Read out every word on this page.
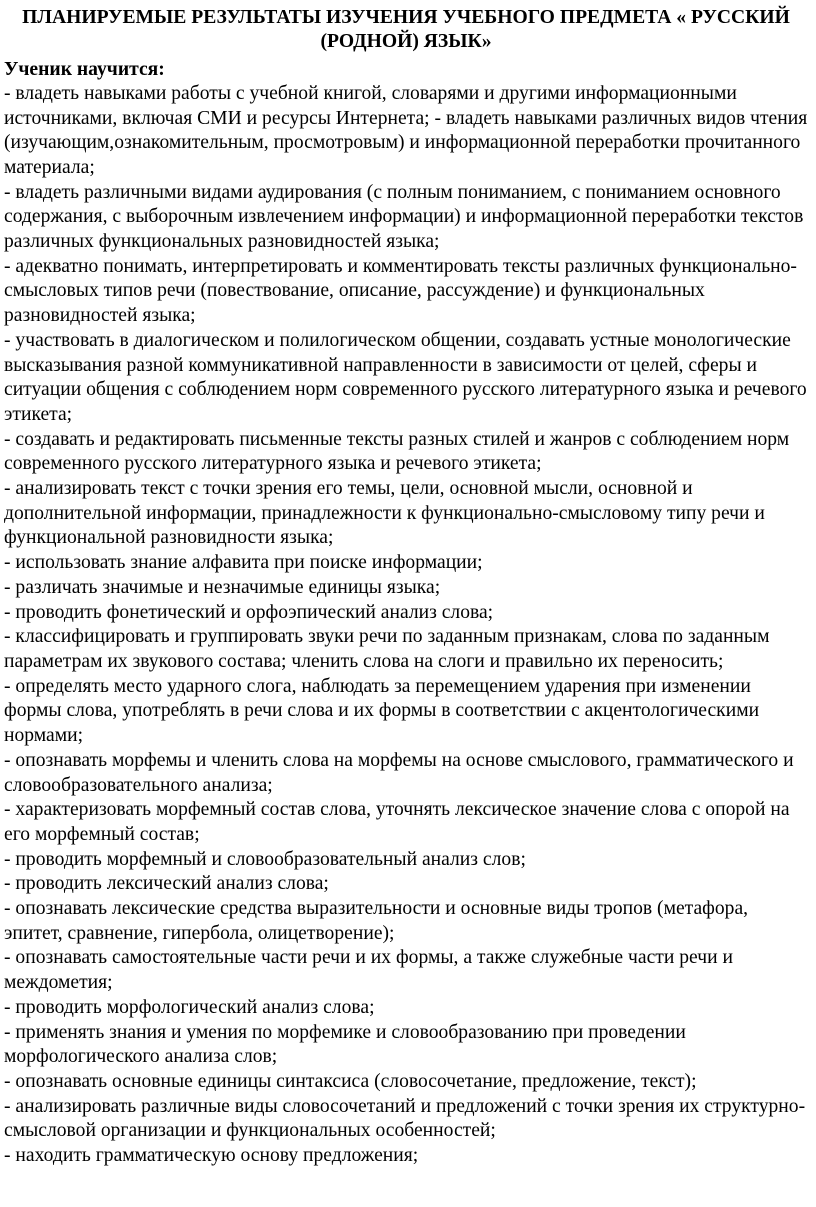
ПЛАНИРУЕМЫЕ РЕЗУЛЬТАТЫ ИЗУЧЕНИЯ УЧЕБНОГО ПРЕДМЕТА « РУССКИЙ (РОДНОЙ) ЯЗЫК»
Ученик научится:
- владеть навыками работы с учебной книгой, словарями и другими информационными источниками, включая СМИ и ресурсы Интернета; - владеть навыками различных видов чтения (изучающим,ознакомительным, просмотровым) и информационной переработки прочитанного материала;
- владеть различными видами аудирования (с полным пониманием, с пониманием основного содержания, с выборочным извлечением информации) и информационной переработки текстов различных функциональных разновидностей языка;
- адекватно понимать, интерпретировать и комментировать тексты различных функционально-смысловых типов речи (повествование, описание, рассуждение) и функциональных разновидностей языка;
- участвовать в диалогическом и полилогическом общении, создавать устные монологические высказывания разной коммуникативной направленности в зависимости от целей, сферы и ситуации общения с соблюдением норм современного русского литературного языка и речевого этикета;
- создавать и редактировать письменные тексты разных стилей и жанров с соблюдением норм современного русского литературного языка и речевого этикета;
- анализировать текст с точки зрения его темы, цели, основной мысли, основной и дополнительной информации, принадлежности к функционально-смысловому типу речи и функциональной разновидности языка;
- использовать знание алфавита при поиске информации;
- различать значимые и незначимые единицы языка;
- проводить фонетический и орфоэпический анализ слова;
- классифицировать и группировать звуки речи по заданным признакам, слова по заданным параметрам их звукового состава; членить слова на слоги и правильно их переносить;
- определять место ударного слога, наблюдать за перемещением ударения при изменении формы слова, употреблять в речи слова и их формы в соответствии с акцентологическими нормами;
- опознавать морфемы и членить слова на морфемы на основе смыслового, грамматического и словообразовательного анализа;
- характеризовать морфемный состав слова, уточнять лексическое значение слова с опорой на его морфемный состав;
- проводить морфемный и словообразовательный анализ слов;
- проводить лексический анализ слова;
- опознавать лексические средства выразительности и основные виды тропов (метафора, эпитет, сравнение, гипербола, олицетворение);
- опознавать самостоятельные части речи и их формы, а также служебные части речи и междометия;
- проводить морфологический анализ слова;
- применять знания и умения по морфемике и словообразованию при проведении морфологического анализа слов;
- опознавать основные единицы синтаксиса (словосочетание, предложение, текст);
- анализировать различные виды словосочетаний и предложений с точки зрения их структурно-смысловой организации и функциональных особенностей;
- находить грамматическую основу предложения;
